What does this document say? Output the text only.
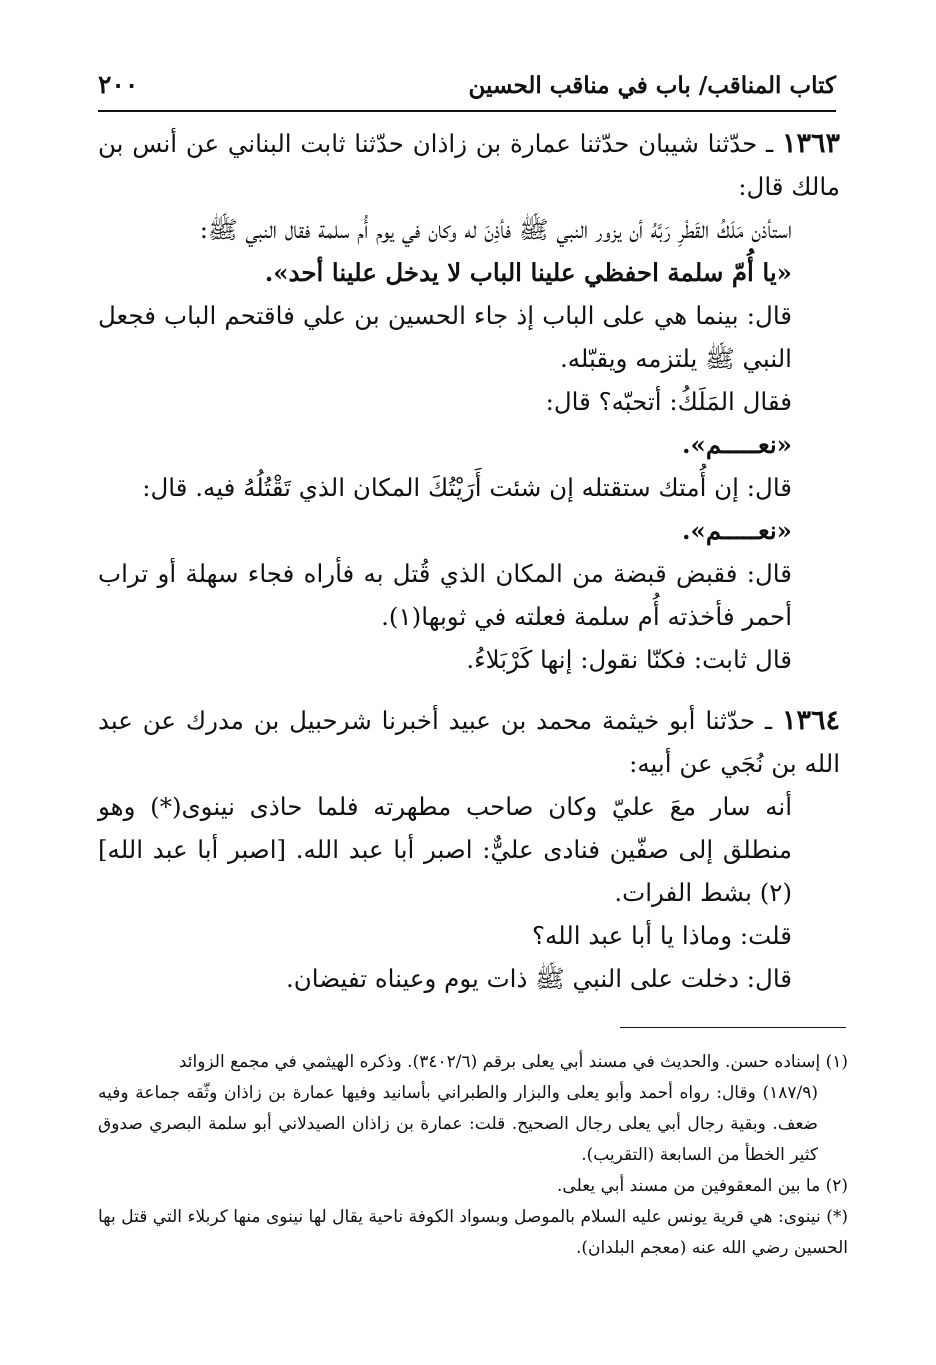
كتاب المناقب/ باب في مناقب الحسين
٢٠٠

١٣٦٣ ـ حدّثنا شيبان حدّثنا عمارة بن زاذان حدّثنا ثابت البناني عن أنس بن مالك قال:

استأذن مَلَكُ القَطْرِ رَبَّهُ أن يزور النبي ﷺ فأذِنَ له وكان في يوم أُم سلمة فقال النبي ﷺ:

«يا أُمّ سلمة احفظي علينا الباب لا يدخل علينا أحد».

قال: بينما هي على الباب إذ جاء الحسين بن علي فاقتحم الباب فجعل النبي ﷺ يلتزمه ويقبّله.

فقال المَلَكُ: أتحبّه؟ قال:

«نعـــــم».

قال: إن أُمتك ستقتله إن شئت أَرَيْتُكَ المكان الذي تَقْتُلُهُ فيه. قال:

«نعـــــم».

قال: فقبض قبضة من المكان الذي قُتل به فأراه فجاء سهلة أو تراب أحمر فأخذته أُم سلمة فعلته في ثوبها(١).

قال ثابت: فكنّا نقول: إنها كَرْبَلاءُ.

١٣٦٤ ـ حدّثنا أبو خيثمة محمد بن عبيد أخبرنا شرحبيل بن مدرك عن عبد الله بن نُجَي عن أبيه:

أنه سار معَ عليّ وكان صاحب مطهرته فلما حاذى نينوى(*) وهو منطلق إلى صفّين فنادى عليٌّ: اصبر أبا عبد الله. [اصبر أبا عبد الله](٢) بشط الفرات.

قلت: وماذا يا أبا عبد الله؟

قال: دخلت على النبي ﷺ ذات يوم وعيناه تفيضان.

(١) إسناده حسن. والحديث في مسند أبي يعلى برقم (٣٤٠٢/٦). وذكره الهيثمي في مجمع الزوائد

(١٨٧/٩) وقال: رواه أحمد وأبو يعلى والبزار والطبراني بأسانيد وفيها عمارة بن زاذان وثّقه جماعة وفيه ضعف. وبقية رجال أبي يعلى رجال الصحيح. قلت: عمارة بن زاذان الصيدلاني أبو سلمة البصري صدوق كثير الخطأ من السابعة (التقريب).

(٢) ما بين المعقوفين من مسند أبي يعلى.

(*) نينوى: هي قرية يونس عليه السلام بالموصل وبسواد الكوفة ناحية يقال لها نينوى منها كربلاء التي قتل بها الحسين رضي الله عنه (معجم البلدان).
